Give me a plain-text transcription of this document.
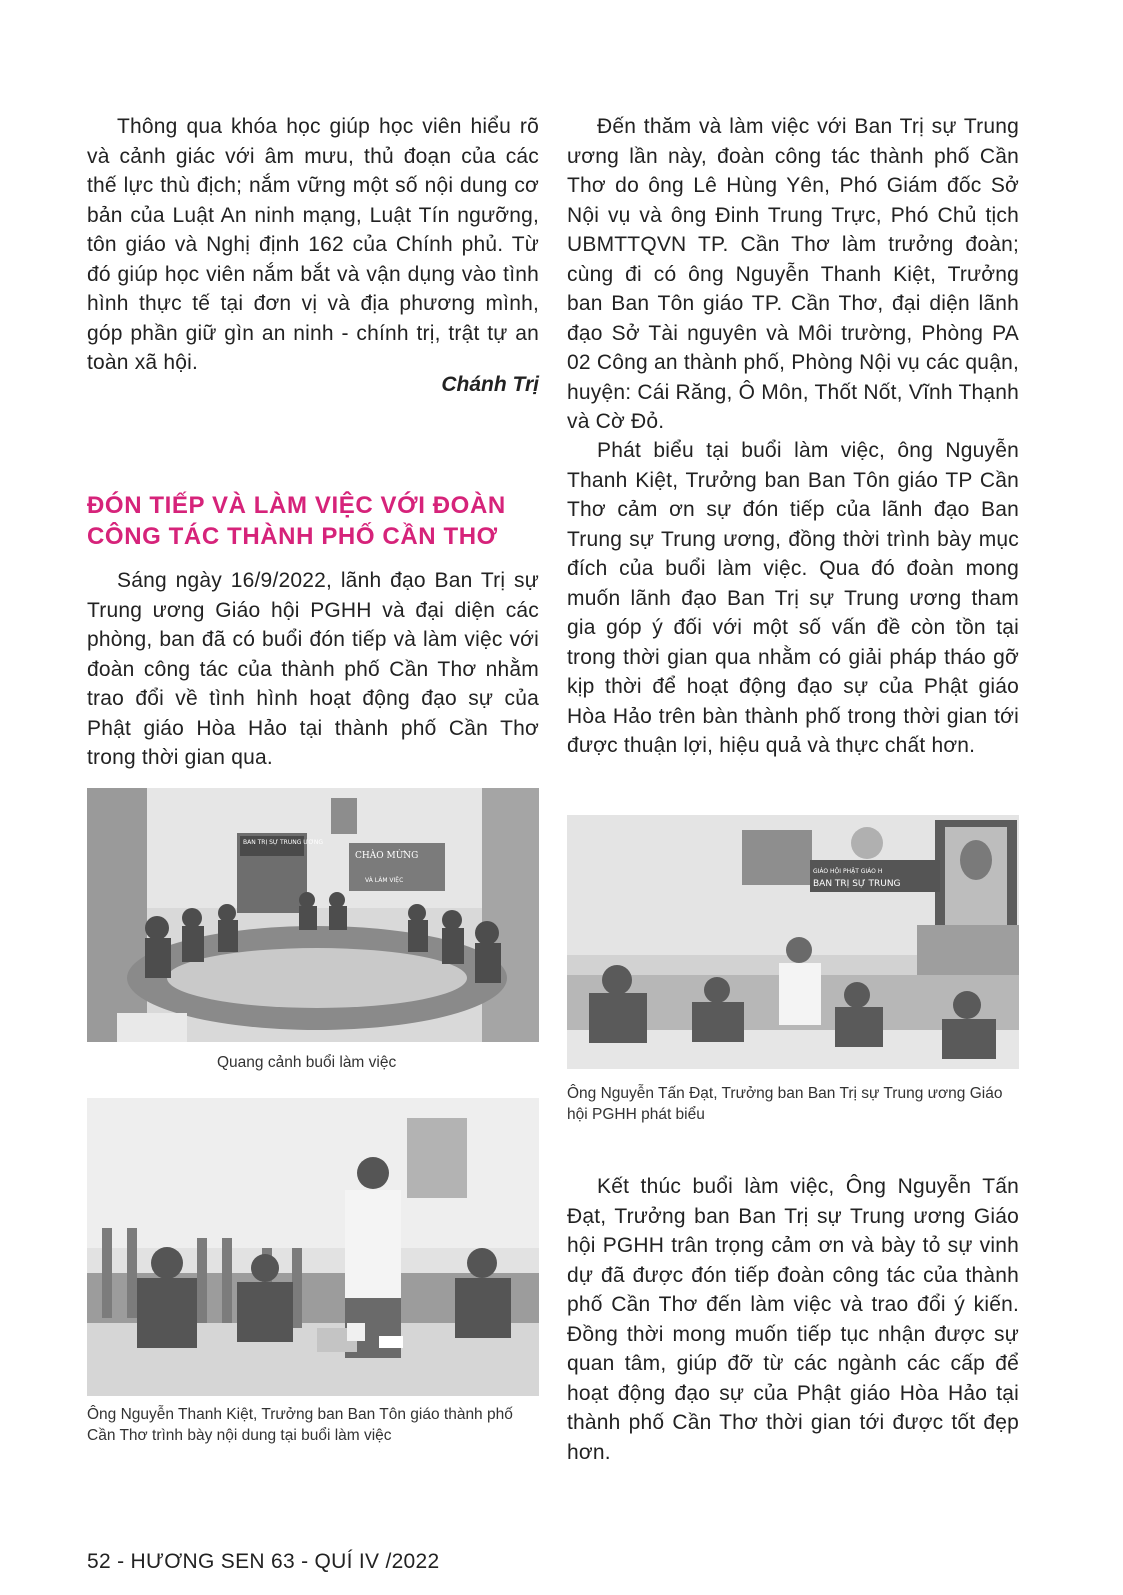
Thông qua khóa học giúp học viên hiểu rõ và cảnh giác với âm mưu, thủ đoạn của các thế lực thù địch; nắm vững một số nội dung cơ bản của Luật An ninh mạng, Luật Tín ngưỡng, tôn giáo và Nghị định 162 của Chính phủ. Từ đó giúp học viên nắm bắt và vận dụng vào tình hình thực tế tại đơn vị và địa phương mình, góp phần giữ gìn an ninh - chính trị, trật tự an toàn xã hội.

Chánh Trị
ĐÓN TIẾP VÀ LÀM VIỆC VỚI ĐOÀN CÔNG TÁC THÀNH PHỐ CẦN THƠ

Sáng ngày 16/9/2022, lãnh đạo Ban Trị sự Trung ương Giáo hội PGHH và đại diện các phòng, ban đã có buổi đón tiếp và làm việc với đoàn công tác của thành phố Cần Thơ nhằm trao đổi về tình hình hoạt động đạo sự của Phật giáo Hòa Hảo tại thành phố Cần Thơ trong thời gian qua.

BAN TRỊ SỰ TRUNG ƯƠNG
CHÀO MỪNG
VÀ LÀM VIỆC
Quang cảnh buổi làm việc
Ông Nguyễn Thanh Kiệt, Trưởng ban Ban Tôn giáo thành phố Cần Thơ trình bày nội dung tại buổi làm việc

Đến thăm và làm việc với Ban Trị sự Trung ương lần này, đoàn công tác thành phố Cần Thơ do ông Lê Hùng Yên, Phó Giám đốc Sở Nội vụ và ông Đinh Trung Trực, Phó Chủ tịch UBMTTQVN TP. Cần Thơ làm trưởng đoàn; cùng đi có ông Nguyễn Thanh Kiệt, Trưởng ban Ban Tôn giáo TP. Cần Thơ, đại diện lãnh đạo Sở Tài nguyên và Môi trường, Phòng PA 02 Công an thành phố, Phòng Nội vụ các quận, huyện: Cái Răng, Ô Môn, Thốt Nốt, Vĩnh Thạnh và Cờ Đỏ.

Phát biểu tại buổi làm việc, ông Nguyễn Thanh Kiệt, Trưởng ban Ban Tôn giáo TP Cần Thơ cảm ơn sự đón tiếp của lãnh đạo Ban Trung sự Trung ương, đồng thời trình bày mục đích của buổi làm việc. Qua đó đoàn mong muốn lãnh đạo Ban Trị sự Trung ương tham gia góp ý đối với một số vấn đề còn tồn tại trong thời gian qua nhằm có giải pháp tháo gỡ kịp thời để hoạt động đạo sự của Phật giáo Hòa Hảo trên bàn thành phố trong thời gian tới được thuận lợi, hiệu quả và thực chất hơn.

GIÁO HỘI PHẬT GIÁO H
BAN TRỊ SỰ TRUNG
Ông Nguyễn Tấn Đạt, Trưởng ban Ban Trị sự Trung ương Giáo hội PGHH phát biểu

Kết thúc buổi làm việc, Ông Nguyễn Tấn Đạt, Trưởng ban Ban Trị sự Trung ương Giáo hội PGHH trân trọng cảm ơn và bày tỏ sự vinh dự đã được đón tiếp đoàn công tác của thành phố Cần Thơ đến làm việc và trao đổi ý kiến. Đồng thời mong muốn tiếp tục nhận được sự quan tâm, giúp đỡ từ các ngành các cấp để hoạt động đạo sự của Phật giáo Hòa Hảo tại thành phố Cần Thơ thời gian tới được tốt đẹp hơn.

52 - HƯƠNG SEN 63 - QUÍ IV /2022
